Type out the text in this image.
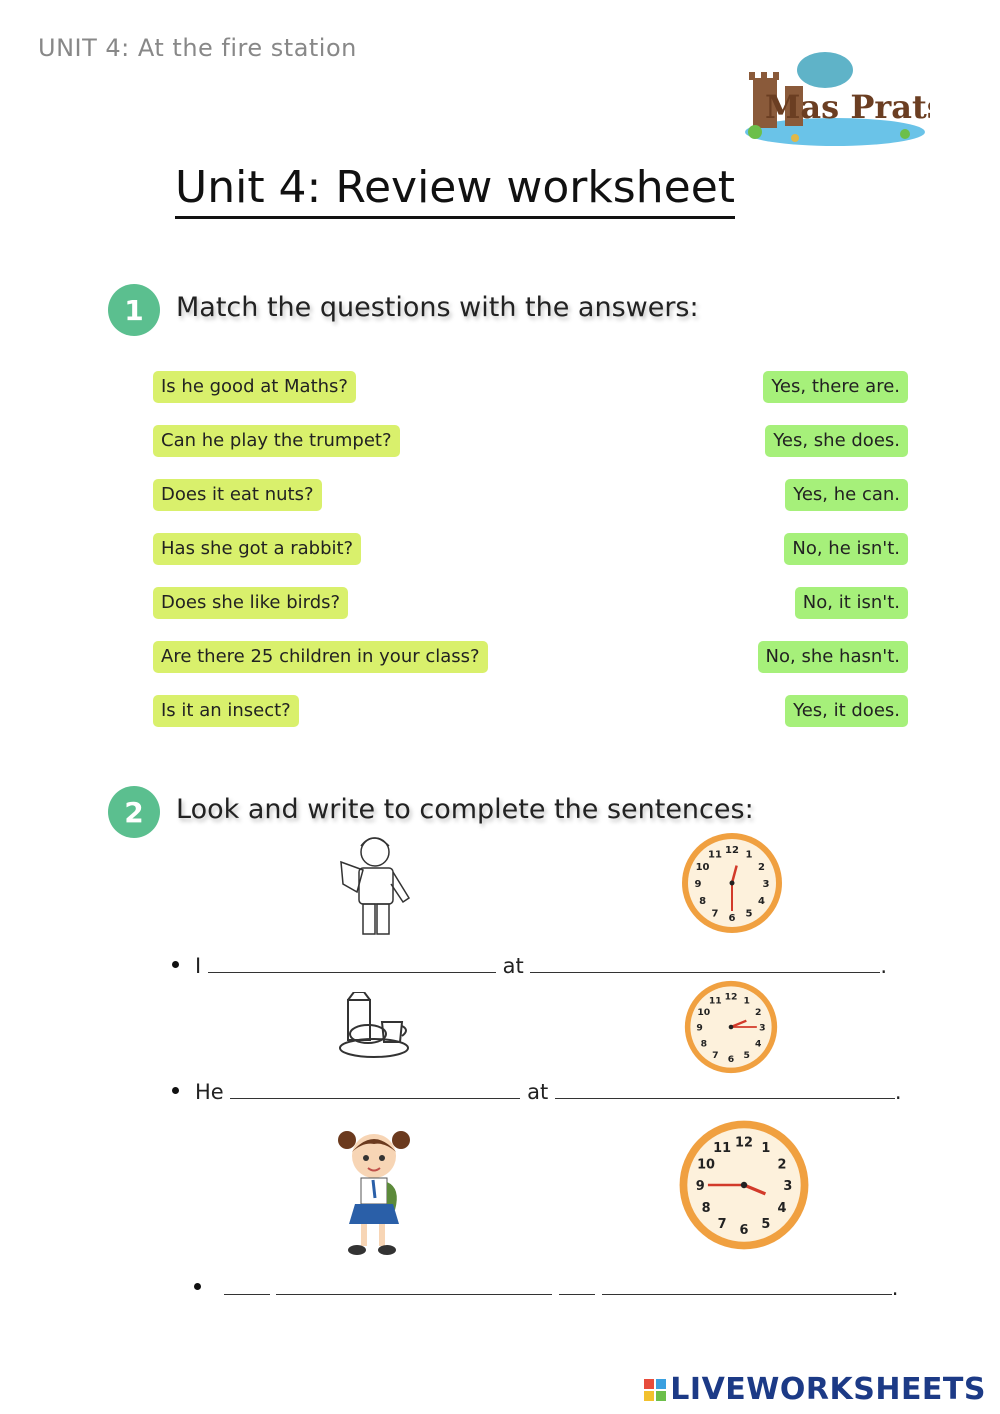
UNIT 4: At the fire station
Mas Prats
Unit 4: Review worksheet
1	Match the questions with the answers:
Is he good at Maths?
Can he play the trumpet?
Does it eat nuts?
Has she got a rabbit?
Does she like birds?
Are there 25 children in your class?
Is it an insect?
Yes, there are.
Yes, she does.
Yes, he can.
No, he isn't.
No, it isn't.
No, she hasn't.
Yes, it does.
2	Look and write to complete the sentences:
1
2
3
4
5
6
7
8
9
10
11 12
I	at	.
1
2
3
4
5
6
7
8
9
10
11 12
He	at	.
1
2
3
4
5
6
7
8
9
10
11 12
.
LIVEWORKSHEETS
